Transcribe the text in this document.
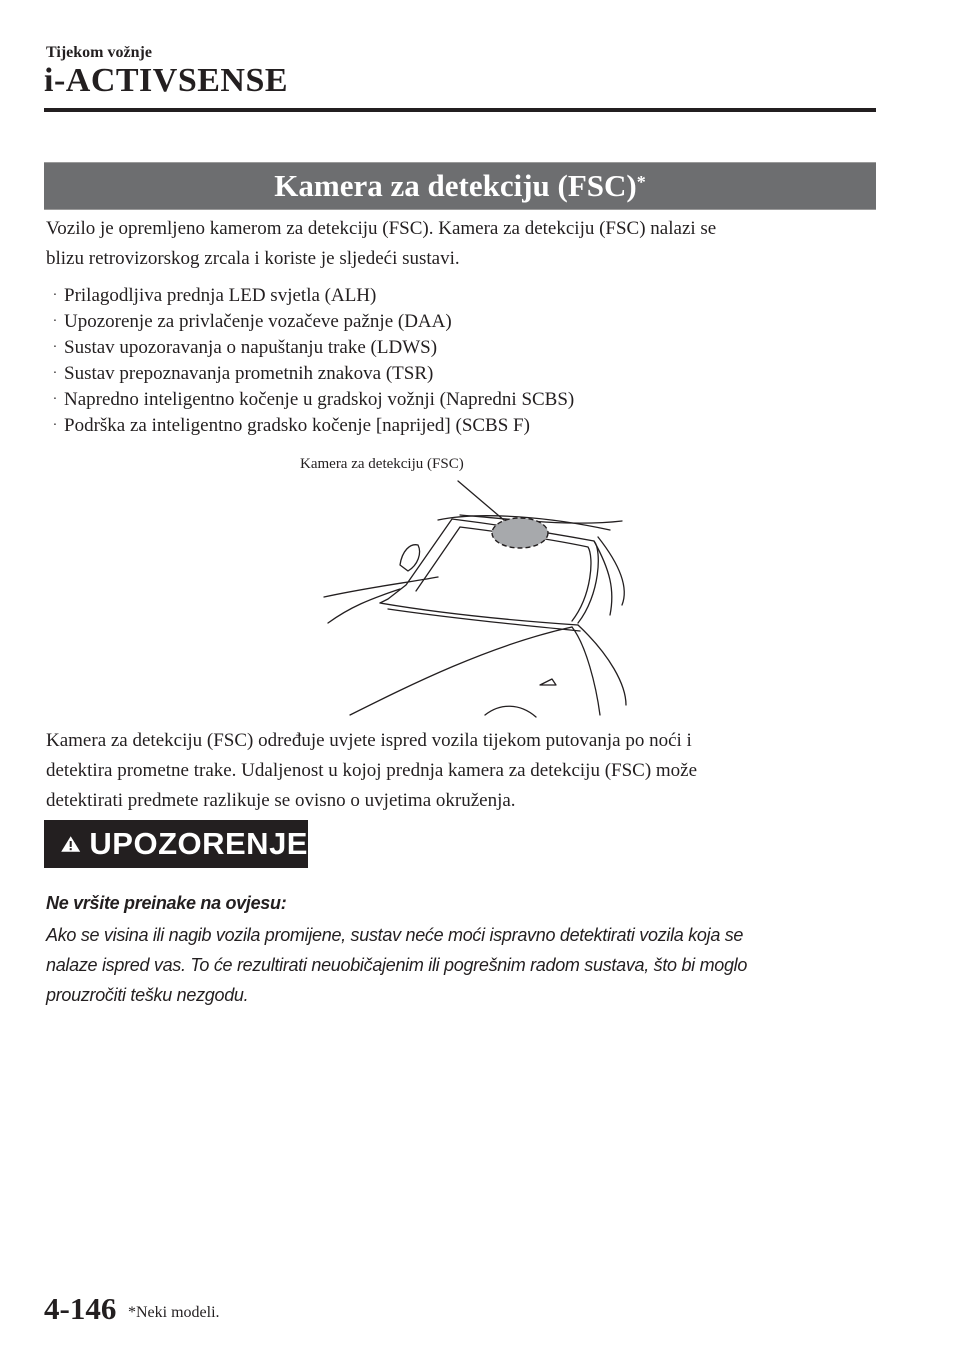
Tijekom vožnje
i-ACTIVSENSE
Kamera za detekciju (FSC)*
Vozilo je opremljeno kamerom za detekciju (FSC). Kamera za detekciju (FSC) nalazi se
blizu retrovizorskog zrcala i koriste je sljedeći sustavi.
· Prilagodljiva prednja LED svjetla (ALH)
· Upozorenje za privlačenje vozačeve pažnje (DAA)
· Sustav upozoravanja o napuštanju trake (LDWS)
· Sustav prepoznavanja prometnih znakova (TSR)
· Napredno inteligentno kočenje u gradskoj vožnji (Napredni SCBS)
· Podrška za inteligentno gradsko kočenje [naprijed] (SCBS F)
Kamera za detekciju (FSC)
Kamera za detekciju (FSC) određuje uvjete ispred vozila tijekom putovanja po noći i
detektira prometne trake. Udaljenost u kojoj prednja kamera za detekciju (FSC) može
detektirati predmete razlikuje se ovisno o uvjetima okruženja.
UPOZORENJE
Ne vršite preinake na ovjesu:
Ako se visina ili nagib vozila promijene, sustav neće moći ispravno detektirati vozila koja se
nalaze ispred vas. To će rezultirati neuobičajenim ili pogrešnim radom sustava, što bi moglo
prouzročiti tešku nezgodu.
4-146 *Neki modeli.
